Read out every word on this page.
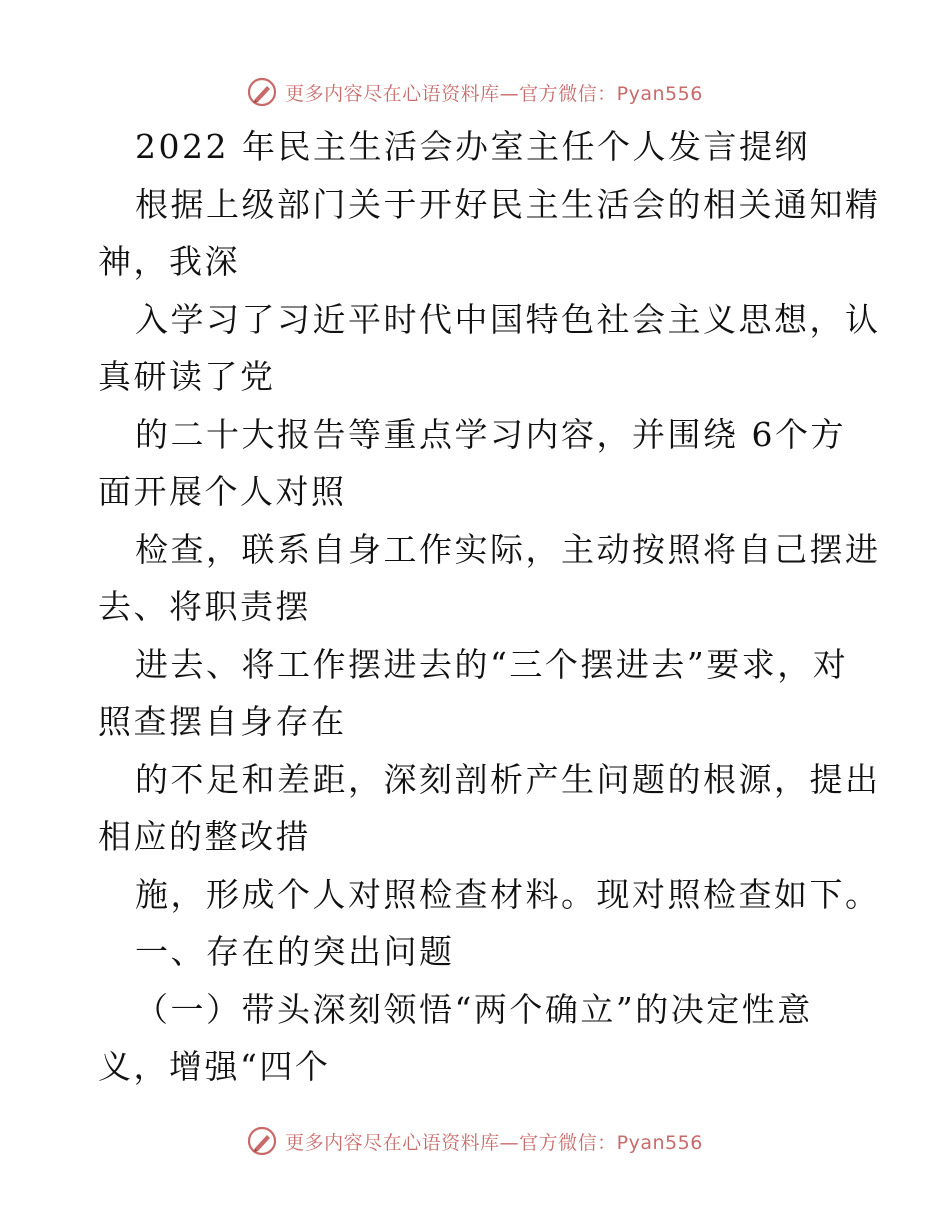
更多内容尽在心语资料库—官方微信：Pyan556
2022 年民主生活会办室主任个人发言提纲
根据上级部门关于开好民主生活会的相关通知精
神，我深
入学习了习近平时代中国特色社会主义思想，认
真研读了党
的二十大报告等重点学习内容，并围绕 6个方
面开展个人对照
检查，联系自身工作实际，主动按照将自己摆进
去、将职责摆
进去、将工作摆进去的“三个摆进去”要求，对
照查摆自身存在
的不足和差距，深刻剖析产生问题的根源，提出
相应的整改措
施，形成个人对照检查材料。现对照检查如下。
一、存在的突出问题
（一）带头深刻领悟“两个确立”的决定性意
义，增强“四个
更多内容尽在心语资料库—官方微信：Pyan556
